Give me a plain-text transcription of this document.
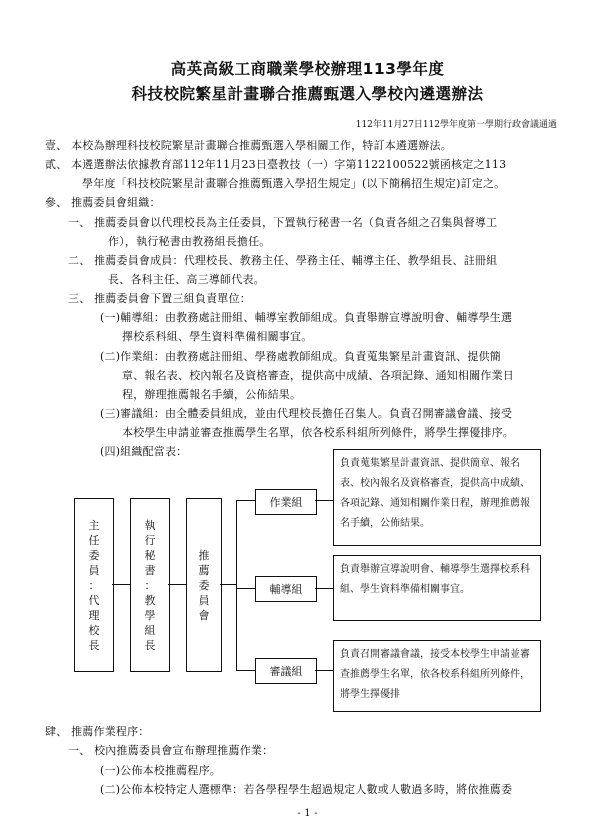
高英高級工商職業學校辦理113學年度
科技校院繁星計畫聯合推薦甄選入學校內遴選辦法
112年11月27日112學年度第一學期行政會議通過
壹、 本校為辦理科技校院繁星計畫聯合推薦甄選入學相關工作，特訂本遴選辦法。
貳、 本遴選辦法依據教育部112年11月23日臺教技（一）字第1122100522號函核定之113
學年度「科技校院繁星計畫聯合推薦甄選入學招生規定」(以下簡稱招生規定)訂定之。
參、 推薦委員會組織：
一、 推薦委員會以代理校長為主任委員，下置執行秘書一名（負責各組之召集與督導工
作），執行秘書由教務組長擔任。
二、 推薦委員會成員：代理校長、教務主任、學務主任、輔導主任、教學組長、註冊組
長、各科主任、高三導師代表。
三、 推薦委員會下置三組負責單位：
(一)輔導組：由教務處註冊組、輔導室教師組成。負責舉辦宣導說明會、輔導學生選
擇校系科組、學生資料準備相關事宜。
(二)作業組：由教務處註冊組、學務處教師組成。負責蒐集繁星計畫資訊、提供簡
章、報名表、校內報名及資格審查，提供高中成績、各項記錄、通知相關作業日
程，辦理推薦報名手續，公佈結果。
(三)審議組：由全體委員組成，並由代理校長擔任召集人。負責召開審議會議、接受
本校學生申請並審查推薦學生名單，依各校系科組所列條件，將學生擇優排序。
(四)組織配當表：
主
任
委
員
：
代
理
校
長
執
行
秘
書
：
教
學
組
長
推
薦
委
員
會
作業組
輔導組
審議組
負責蒐集繁星計畫資訊、提供簡章、報名表、校內報名及資格審查，提供高中成績、各項記錄、通知相關作業日程，辦理推薦報名手續，公佈結果。
負責舉辦宣導說明會、輔導學生選擇校系科組、學生資料準備相關事宜。
負責召開審議會議，接受本校學生申請並審查推薦學生名單，依各校系科組所列條件，將學生擇優排
肆、 推薦作業程序：
一、 校內推薦委員會宣布辦理推薦作業：
(一)公佈本校推薦程序。
(二)公佈本校特定人選標準：若各學程學生超過規定人數或人數過多時，將依推薦委
- 1 -
